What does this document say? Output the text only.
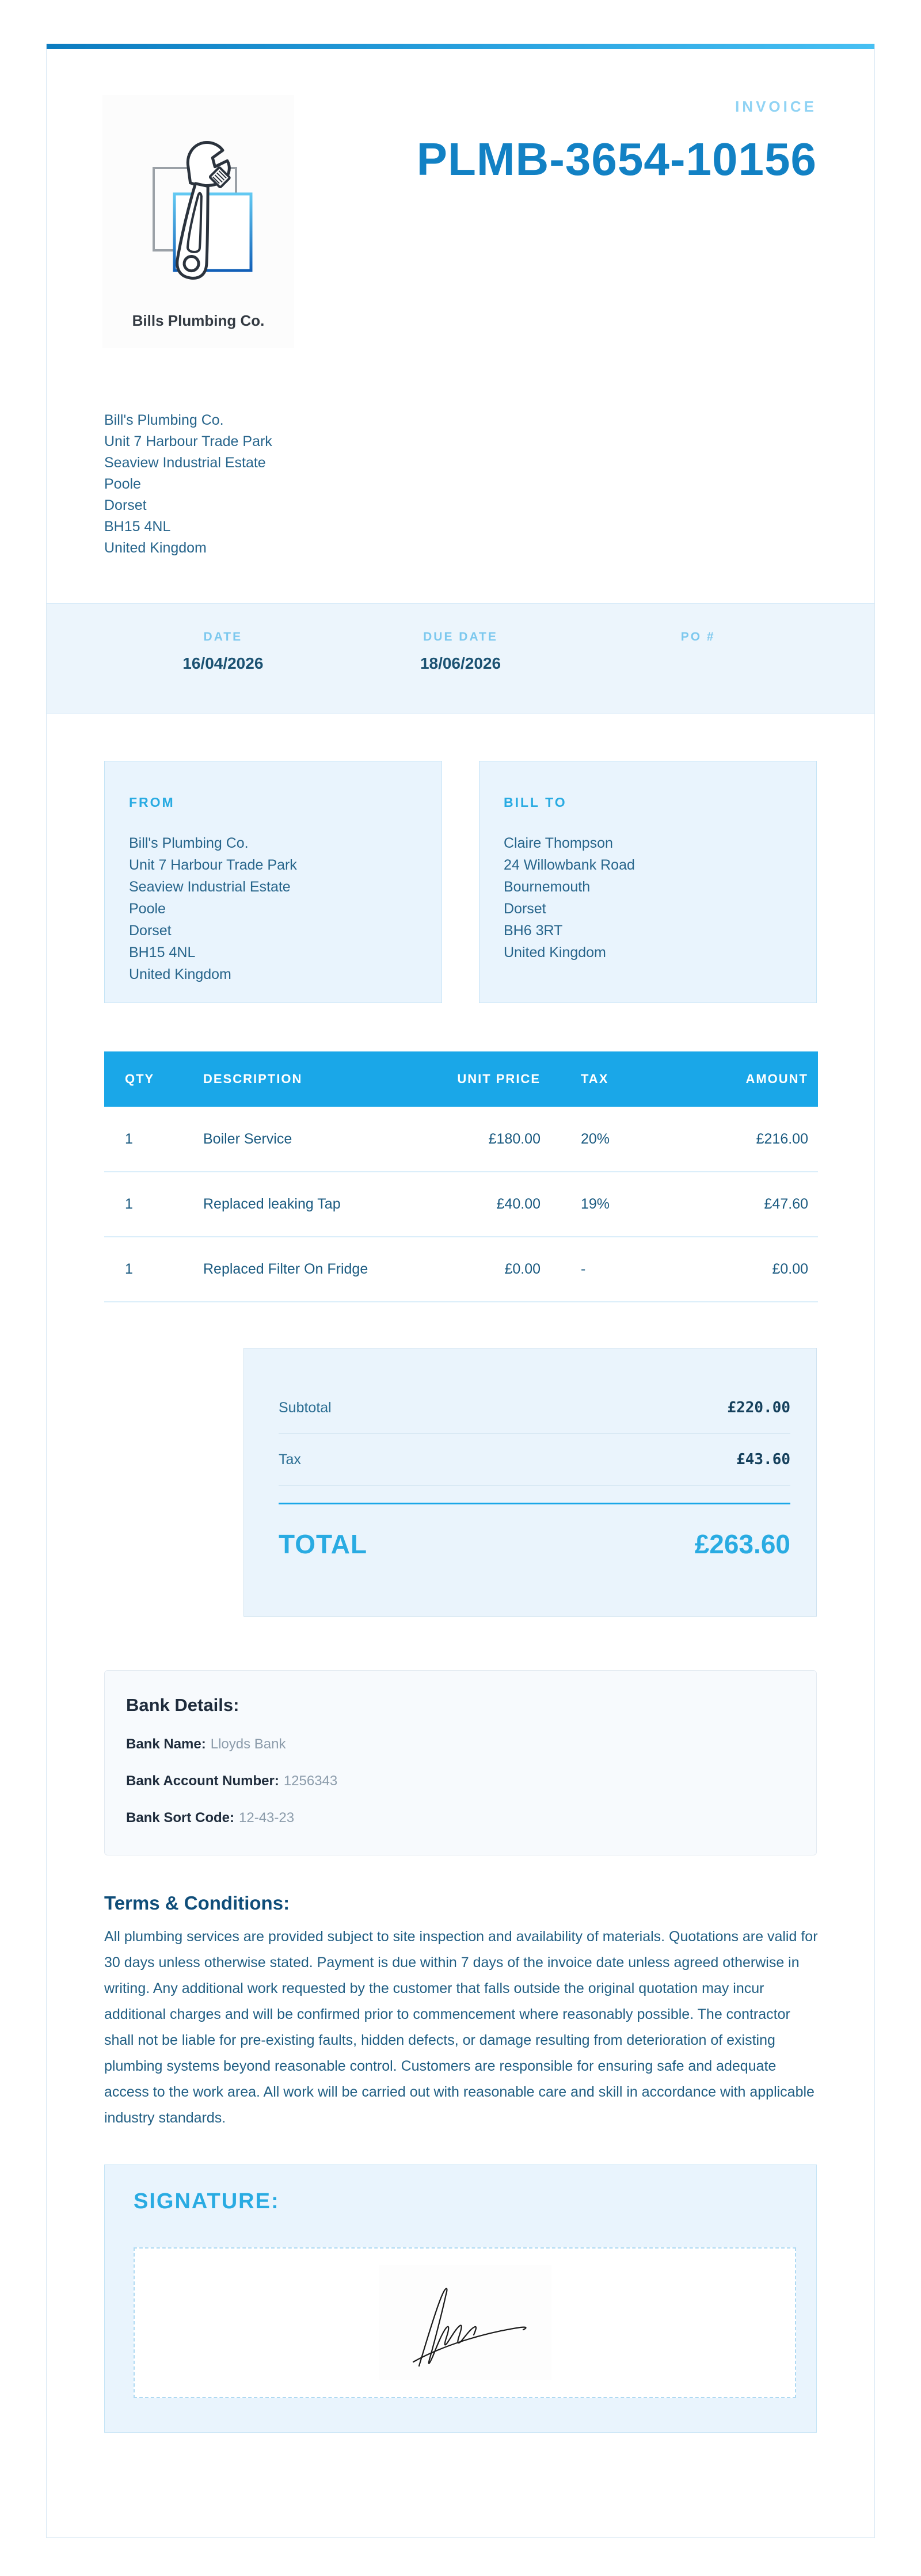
Bills Plumbing Co.
INVOICE
PLMB-3654-10156
Bill's Plumbing Co.
Unit 7 Harbour Trade Park
Seaview Industrial Estate
Poole
Dorset
BH15 4NL
United Kingdom
DATE
16/04/2026
DUE DATE
18/06/2026
PO #
FROM
Bill's Plumbing Co.
Unit 7 Harbour Trade Park
Seaview Industrial Estate
Poole
Dorset
BH15 4NL
United Kingdom
BILL TO
Claire Thompson
24 Willowbank Road
Bournemouth
Dorset
BH6 3RT
United Kingdom
QTY	DESCRIPTION	UNIT PRICE	TAX	AMOUNT
1	Boiler Service	£180.00	20%	£216.00
1	Replaced leaking Tap	£40.00	19%	£47.60
1	Replaced Filter On Fridge	£0.00	-	£0.00
Subtotal	£220.00
Tax	£43.60
TOTAL	£263.60
Bank Details:
Bank Name: Lloyds Bank
Bank Account Number: 1256343
Bank Sort Code: 12-43-23
Terms & Conditions:

All plumbing services are provided subject to site inspection and availability of materials. Quotations are valid for 30 days unless otherwise stated. Payment is due within 7 days of the invoice date unless agreed otherwise in writing. Any additional work requested by the customer that falls outside the original quotation may incur additional charges and will be confirmed prior to commencement where reasonably possible. The contractor shall not be liable for pre-existing faults, hidden defects, or damage resulting from deterioration of existing plumbing systems beyond reasonable control. Customers are responsible for ensuring safe and adequate access to the work area. All work will be carried out with reasonable care and skill in accordance with applicable industry standards.

SIGNATURE:
